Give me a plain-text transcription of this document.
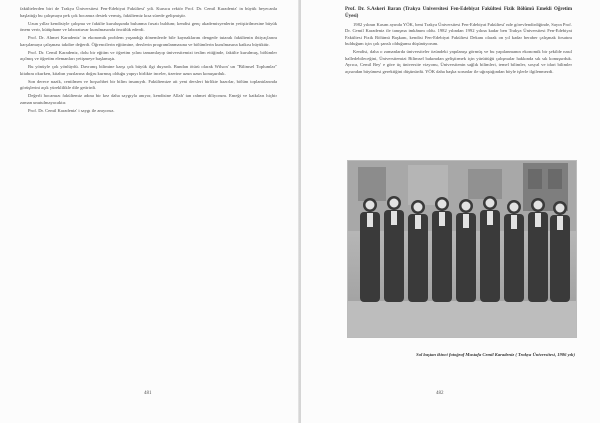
fakültelerden biri de Trakya Üniversitesi Fen-Edebiyat Fakültesi' ydi. Kurucu rektör Prof. Dr. Cemil Karadeniz' in büyük heyecanla başlattığı bu çalışmaya pek çok hocamız destek vermiş, fakültemiz kısa sürede gelişmiştir.

Uzun yıllar kendisiyle çalışma ve fakülte kuruluşunda bulunma fırsatı buldum; kendisi genç akademisyenlerin yetiştirilmesine büyük önem verir, kütüphane ve laboratuvar kurulmasında öncülük ederdi.

Prof. Dr. Ahmet Karadeniz' in ekonomik problem yaşandığı dönemlerde bile kaynaklarını dengede tutarak fakültenin ihtiyaçlarını karşılamaya çalışması takdire değerdi. Öğrencilerin eğitimine, derslerin programlanmasına ve bölümlerin kurulmasına katkısı büyüktür.

Prof. Dr. Cemil Karadeniz, dolu bir eğitim ve öğretim yılını tamamlayıp üniversitemizi teslim ettiğinde, fakülte kurulmuş, bölümler açılmış ve öğretim elemanları yetişmeye başlamıştı.

Bu yönüyle çok yönlüydü. Davranış bilimine karşı çok büyük ilgi duyardı. Bundan ötürü olarak Wilson' un "Bilimsel Toplumlar" kitabını okurken, kitabın yazılarına doğru kurmuş olduğu yapıyı birlikte inceler, üzerine uzun uzun konuşurduk.

Son derece nazik, centilmen ve hoşsohbet bir bilim insanıydı. Fakültemize ait yeni dersleri birlikte hazırlar, bölüm toplantılarında görüşlerini açık yüreklilikle dile getirirdi.

Değerli hocamızı fakültemiz adına bir kez daha saygıyla anıyor, kendisine Allah' tan rahmet diliyorum. Emeği ve katkıları hiçbir zaman unutulmayacaktır.

Prof. Dr. Cemil Karadeniz' i saygı ile anıyoruz.

481

Prof. Dr. S.Askeri Baran (Trakya Üniversitesi Fen-Edebiyat Fakültesi Fizik Bölümü Emekli Öğretim Üyesi)

1982 yılının Kasım ayında YÖK, beni Trakya Üniversitesi Fen-Edebiyat Fakültesi' nde görevlendirdiğinde, Sayın Prof. Dr. Cemil Karadeniz ile tanışma imkânım oldu. 1982 yılından 1992 yılına kadar ben Trakya Üniversitesi Fen-Edebiyat Fakültesi Fizik Bölümü Başkanı, kendisi Fen-Edebiyat Fakültesi Dekanı olarak on yıl kadar beraber çalışmak fırsatını bulduğum için çok şanslı olduğumu düşünüyorum.

Kendisi, daha o zamanlarda üniversiteler özündeki yapılanışı görmüş ve bu yapılanmanın ekonomik bir şekilde nasıl halledebileceğini, Üniversitemizi Bilimsel bakımdan geliştirmek için yürüttüğü çalışmalar hakkında sık sık konuşurduk. Ayrıca, Cemil Bey' e göre üç üniversite vizyonu, Üniversitenin sağlık bilimleri, temel bilimler, sosyal ve idari bilimler açısından büyümesi gerektiğini düşünürdü. YÖK daha başka sorunlar ile uğraştığından böyle işlerle ilgilenmezdi.

Sol baştan ikinci fotoğraf Mustafa Cemil Karadeniz ( Trakya Üniversitesi, 1986 yılı)
482
